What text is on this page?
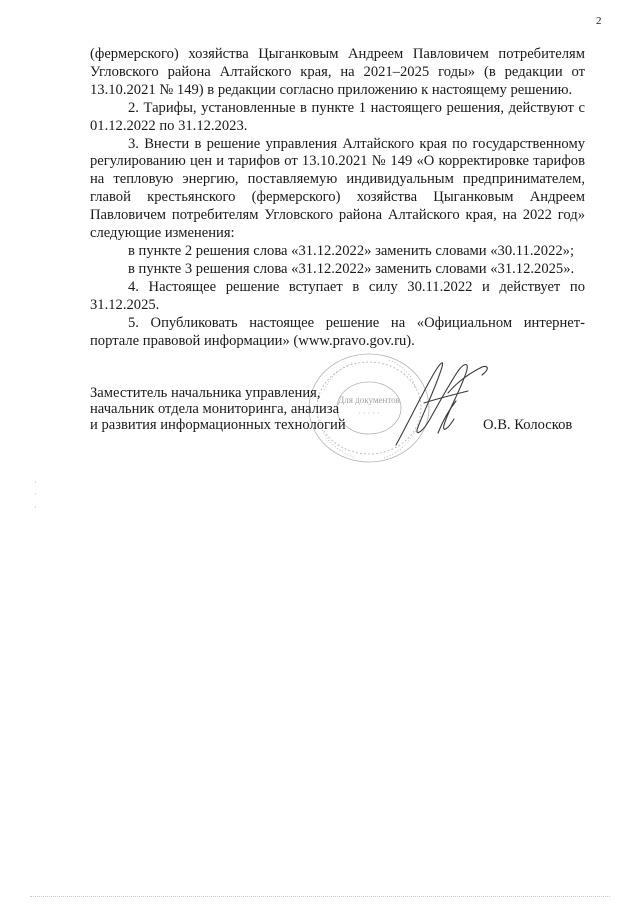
2

(фермерского) хозяйства Цыганковым Андреем Павловичем потребителям Угловского района Алтайского края, на 2021–2025 годы» (в редакции от 13.10.2021 № 149) в редакции согласно приложению к настоящему решению.

2. Тарифы, установленные в пункте 1 настоящего решения, действуют с 01.12.2022 по 31.12.2023.

3. Внести в решение управления Алтайского края по государственному регулированию цен и тарифов от 13.10.2021 № 149 «О корректировке тарифов на тепловую энергию, поставляемую индивидуальным предпринимателем, главой крестьянского (фермерского) хозяйства Цыганковым Андреем Павловичем потребителям Угловского района Алтайского края, на 2022 год» следующие изменения:

в пункте 2 решения слова «31.12.2022» заменить словами «30.11.2022»;

в пункте 3 решения слова «31.12.2022» заменить словами «31.12.2025».

4. Настоящее решение вступает в силу 30.11.2022 и действует по 31.12.2025.

5. Опубликовать настоящее решение на «Официальном интернет-портале правовой информации» (www.pravo.gov.ru).

Для документов
· · · · ·
Заместитель начальника управления,
начальник отдела мониторинга, анализа
и развития информационных технологий	О.В. Колосков
